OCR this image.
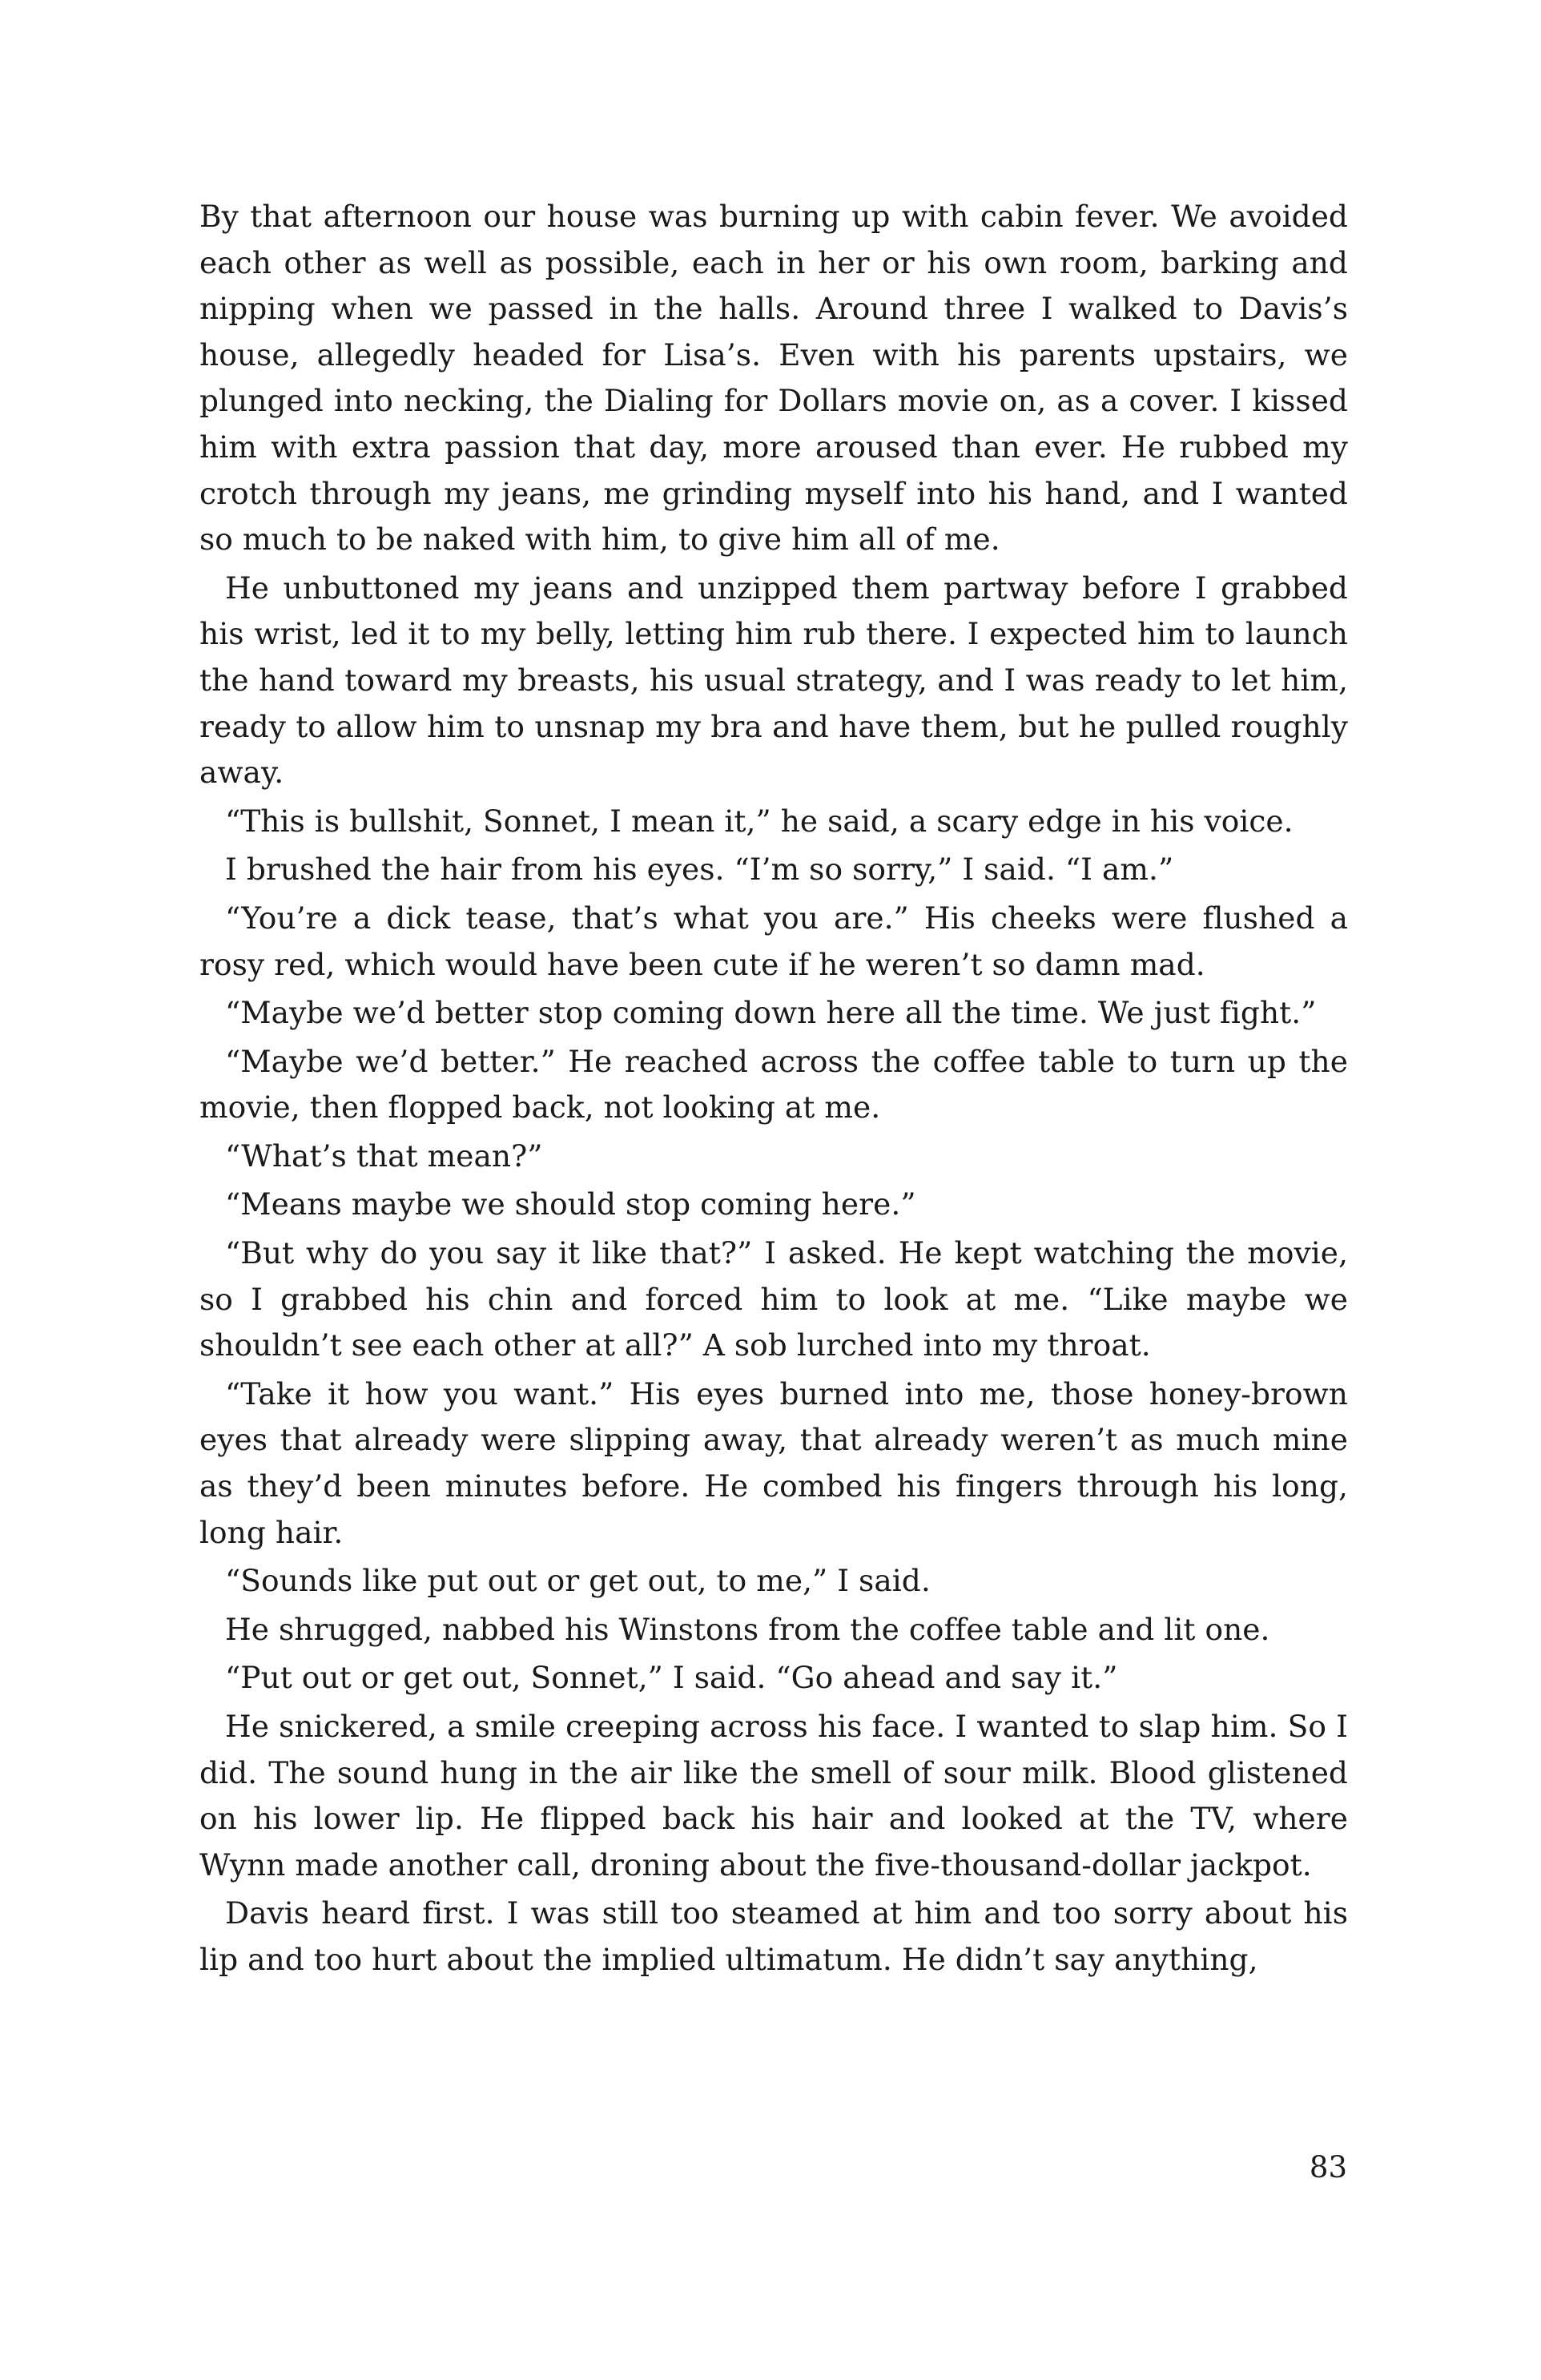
By that afternoon our house was burning up with cabin fever. We avoided each other as well as possible, each in her or his own room, barking and nipping when we passed in the halls. Around three I walked to Davis’s house, allegedly headed for Lisa’s. Even with his parents upstairs, we plunged into necking, the Dialing for Dollars movie on, as a cover. I kissed him with extra passion that day, more aroused than ever. He rubbed my crotch through my jeans, me grinding myself into his hand, and I wanted so much to be naked with him, to give him all of me.

He unbuttoned my jeans and unzipped them partway before I grabbed his wrist, led it to my belly, letting him rub there. I expected him to launch the hand toward my breasts, his usual strategy, and I was ready to let him, ready to allow him to unsnap my bra and have them, but he pulled roughly away.

“This is bullshit, Sonnet, I mean it,” he said, a scary edge in his voice.

I brushed the hair from his eyes. “I’m so sorry,” I said. “I am.”

“You’re a dick tease, that’s what you are.” His cheeks were flushed a rosy red, which would have been cute if he weren’t so damn mad.

“Maybe we’d better stop coming down here all the time. We just fight.”

“Maybe we’d better.” He reached across the coffee table to turn up the movie, then flopped back, not looking at me.

“What’s that mean?”

“Means maybe we should stop coming here.”

“But why do you say it like that?” I asked. He kept watching the movie, so I grabbed his chin and forced him to look at me. “Like maybe we shouldn’t see each other at all?” A sob lurched into my throat.

“Take it how you want.” His eyes burned into me, those honey-brown eyes that already were slipping away, that already weren’t as much mine as they’d been minutes before. He combed his fingers through his long, long hair.

“Sounds like put out or get out, to me,” I said.

He shrugged, nabbed his Winstons from the coffee table and lit one.

“Put out or get out, Sonnet,” I said. “Go ahead and say it.”

He snickered, a smile creeping across his face. I wanted to slap him. So I did. The sound hung in the air like the smell of sour milk. Blood glistened on his lower lip. He flipped back his hair and looked at the TV, where Wynn made another call, droning about the five-thousand-dollar jackpot.

Davis heard first. I was still too steamed at him and too sorry about his lip and too hurt about the implied ultimatum. He didn’t say anything,

83
